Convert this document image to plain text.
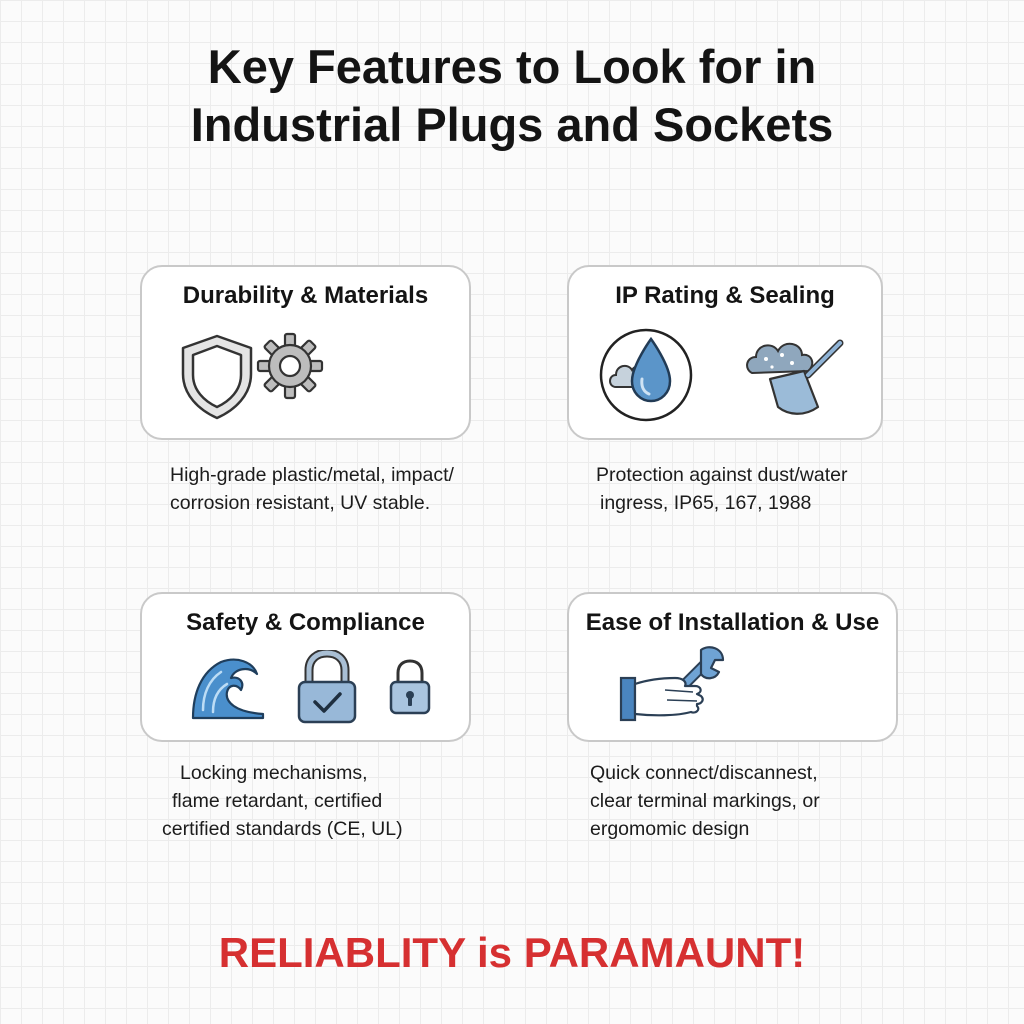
Key Features to Look for in
Industrial Plugs and Sockets
Durability & Materials
High-grade plastic/metal, impact/
corrosion resistant, UV stable.
IP Rating & Sealing
Protection against dust/water
ingress, IP65, 167, 1988
Safety & Compliance
Locking mechanisms,
flame retardant, certified
certified standards (CE, UL)
Ease of Installation & Use
Quick connect/discannest,
clear terminal markings, or
ergomomic design
RELIABLITY is PARAMAUNT!
